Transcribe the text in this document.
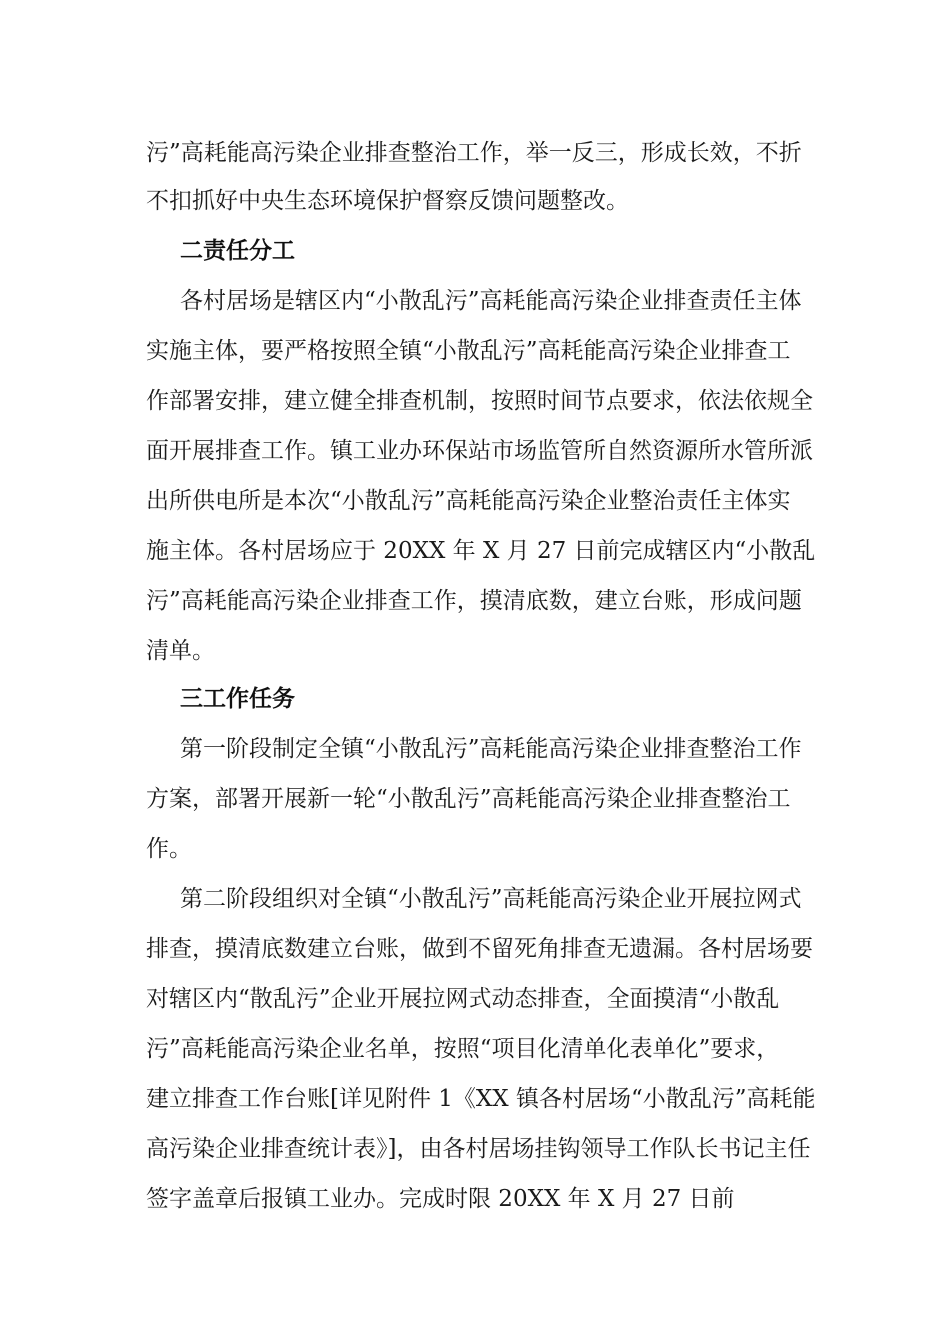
污”高耗能高污染企业排查整治工作，举一反三，形成长效，不折
不扣抓好中央生态环境保护督察反馈问题整改。
二责任分工
各村居场是辖区内“小散乱污”高耗能高污染企业排查责任主体
实施主体，要严格按照全镇“小散乱污”高耗能高污染企业排查工
作部署安排，建立健全排查机制，按照时间节点要求，依法依规全
面开展排查工作。镇工业办环保站市场监管所自然资源所水管所派
出所供电所是本次“小散乱污”高耗能高污染企业整治责任主体实
施主体。各村居场应于 20XX 年 X 月 27 日前完成辖区内“小散乱
污”高耗能高污染企业排查工作，摸清底数，建立台账，形成问题
清单。
三工作任务
第一阶段制定全镇“小散乱污”高耗能高污染企业排查整治工作
方案，部署开展新一轮“小散乱污”高耗能高污染企业排查整治工
作。
第二阶段组织对全镇“小散乱污”高耗能高污染企业开展拉网式
排查，摸清底数建立台账，做到不留死角排查无遗漏。各村居场要
对辖区内“散乱污”企业开展拉网式动态排查，全面摸清“小散乱
污”高耗能高污染企业名单，按照“项目化清单化表单化”要求，
建立排查工作台账[详见附件 1《XX 镇各村居场“小散乱污”高耗能
高污染企业排查统计表》]，由各村居场挂钩领导工作队长书记主任
签字盖章后报镇工业办。完成时限 20XX 年 X 月 27 日前
